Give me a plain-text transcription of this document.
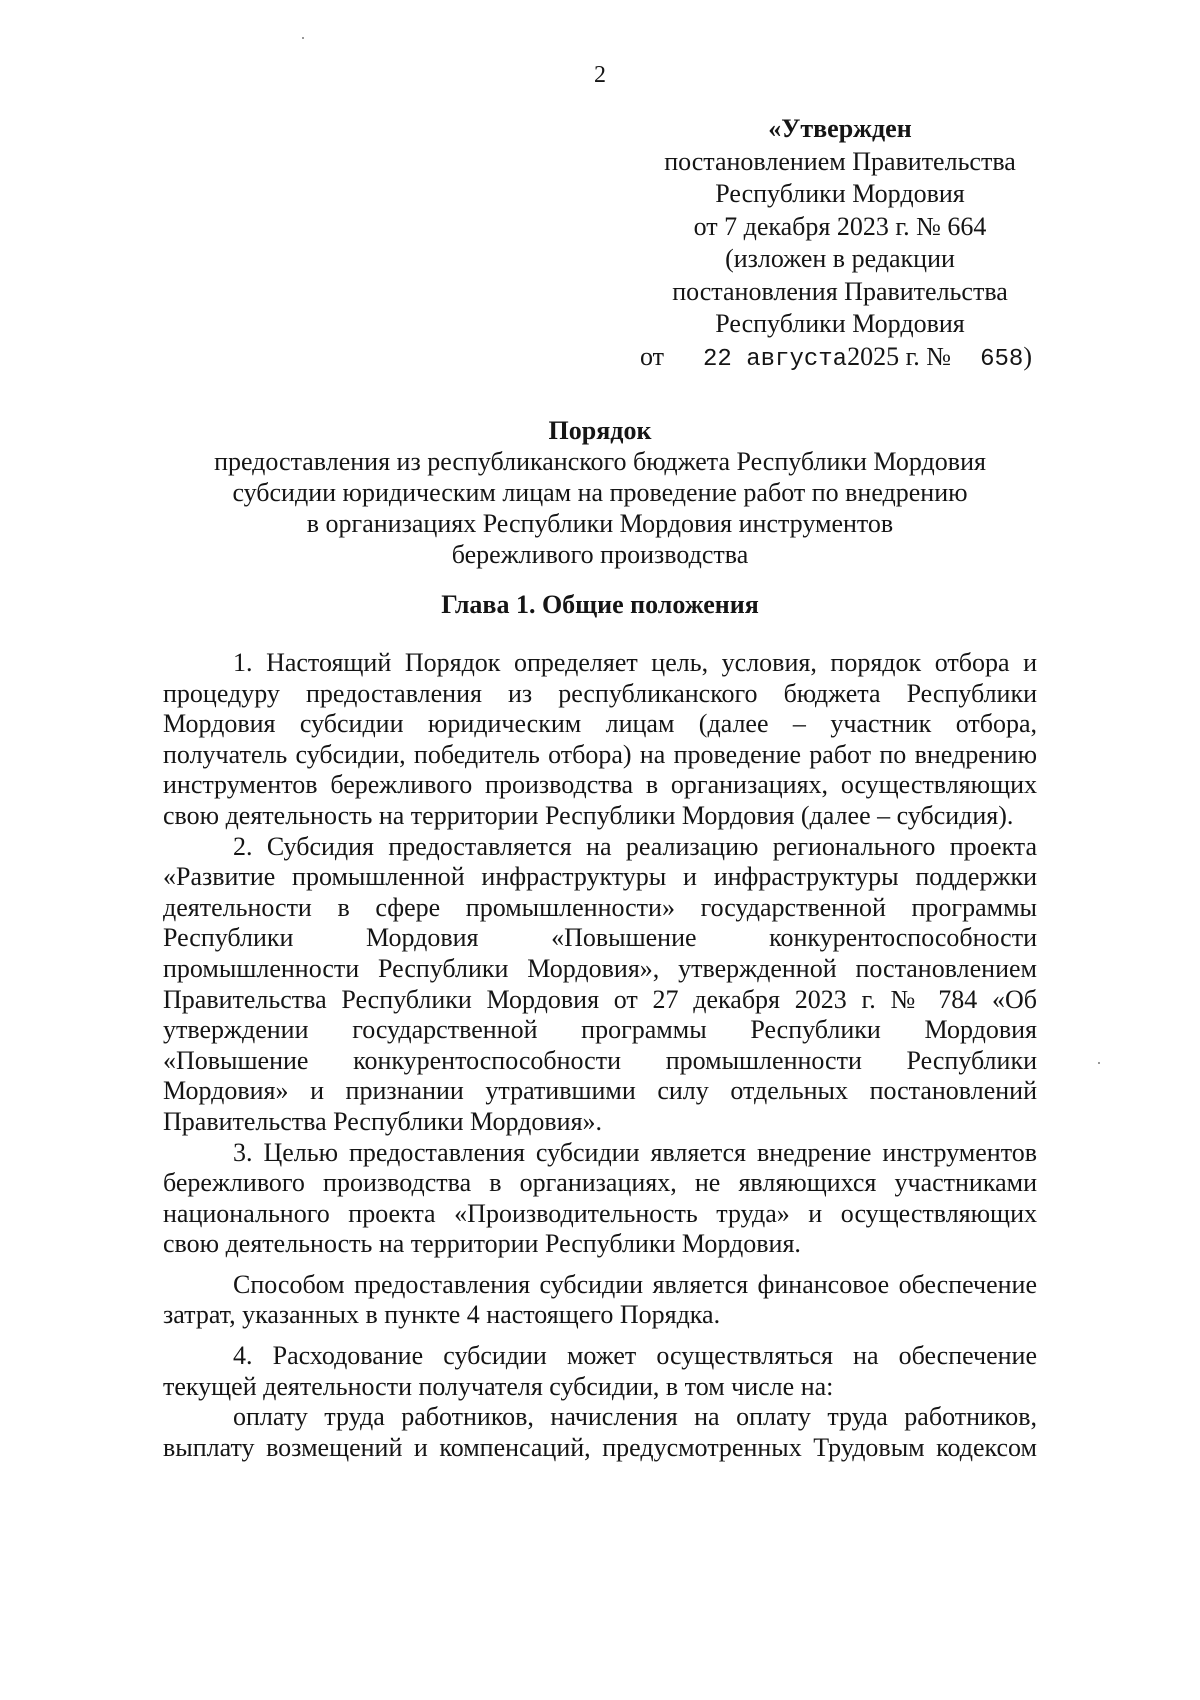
2
«Утвержден
постановлением Правительства
Республики Мордовия
от 7 декабря 2023 г. № 664
(изложен в редакции
постановления Правительства
Республики Мордовия
от 22 августа2025 г. № 658)
Порядок
предоставления из республиканского бюджета Республики Мордовия
субсидии юридическим лицам на проведение работ по внедрению
в организациях Республики Мордовия инструментов
бережливого производства
Глава 1. Общие положения

1. Настоящий Порядок определяет цель, условия, порядок отбора и процедуру предоставления из республиканского бюджета Республики Мордовия субсидии юридическим лицам (далее – участник отбора, получатель субсидии, победитель отбора) на проведение работ по внедрению инструментов бережливого производства в организациях, осуществляющих свою деятельность на территории Республики Мордовия (далее – субсидия).

2. Субсидия предоставляется на реализацию регионального проекта «Развитие промышленной инфраструктуры и инфраструктуры поддержки деятельности в сфере промышленности» государственной программы Республики Мордовия «Повышение конкурентоспособности промышленности Республики Мордовия», утвержденной постановлением Правительства Республики Мордовия от 27 декабря 2023 г. № 784 «Об утверждении государственной программы Республики Мордовия «Повышение конкурентоспособности промышленности Республики Мордовия» и признании утратившими силу отдельных постановлений Правительства Республики Мордовия».

3. Целью предоставления субсидии является внедрение инструментов бережливого производства в организациях, не являющихся участниками национального проекта «Производительность труда» и осуществляющих свою деятельность на территории Республики Мордовия.

Способом предоставления субсидии является финансовое обеспечение затрат, указанных в пункте 4 настоящего Порядка.

4. Расходование субсидии может осуществляться на обеспечение текущей деятельности получателя субсидии, в том числе на:

оплату труда работников, начисления на оплату труда работников, выплату возмещений и компенсаций, предусмотренных Трудовым кодексом
